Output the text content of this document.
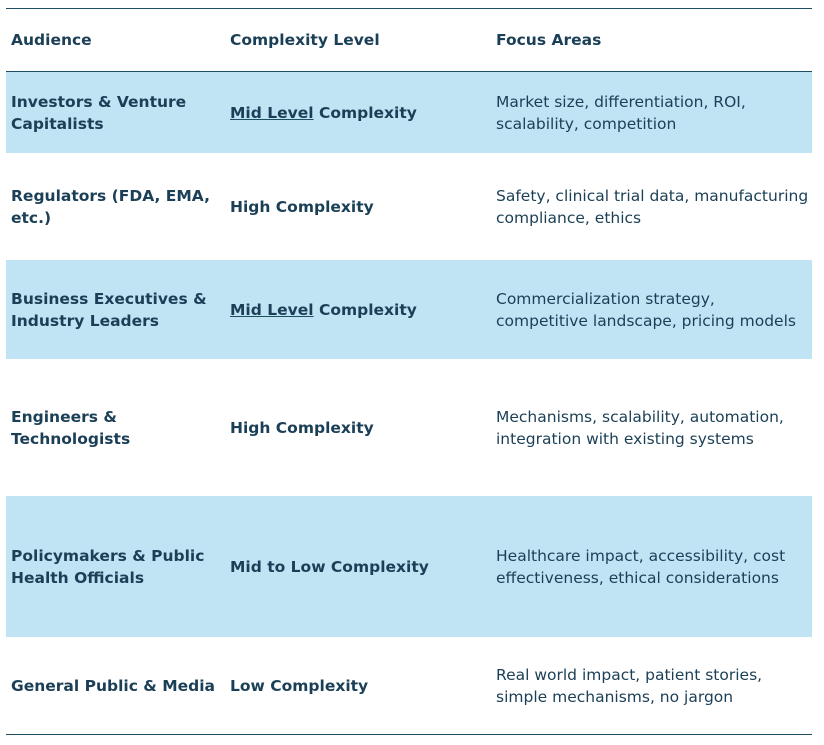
Audience	Complexity Level	Focus Areas
Investors & Venture Capitalists
Mid Level Complexity
Market size, differentiation, ROI, scalability, competition
Regulators (FDA, EMA, etc.)
High Complexity
Safety, clinical trial data, manufacturing compliance, ethics
Business Executives & Industry Leaders
Mid Level Complexity
Commercialization strategy, competitive landscape, pricing models
Engineers & Technologists
High Complexity
Mechanisms, scalability, automation, integration with existing systems
Policymakers & Public Health Officials
Mid to Low Complexity
Healthcare impact, accessibility, cost effectiveness, ethical considerations
General Public & Media Low Complexity
Real world impact, patient stories, simple mechanisms, no jargon
